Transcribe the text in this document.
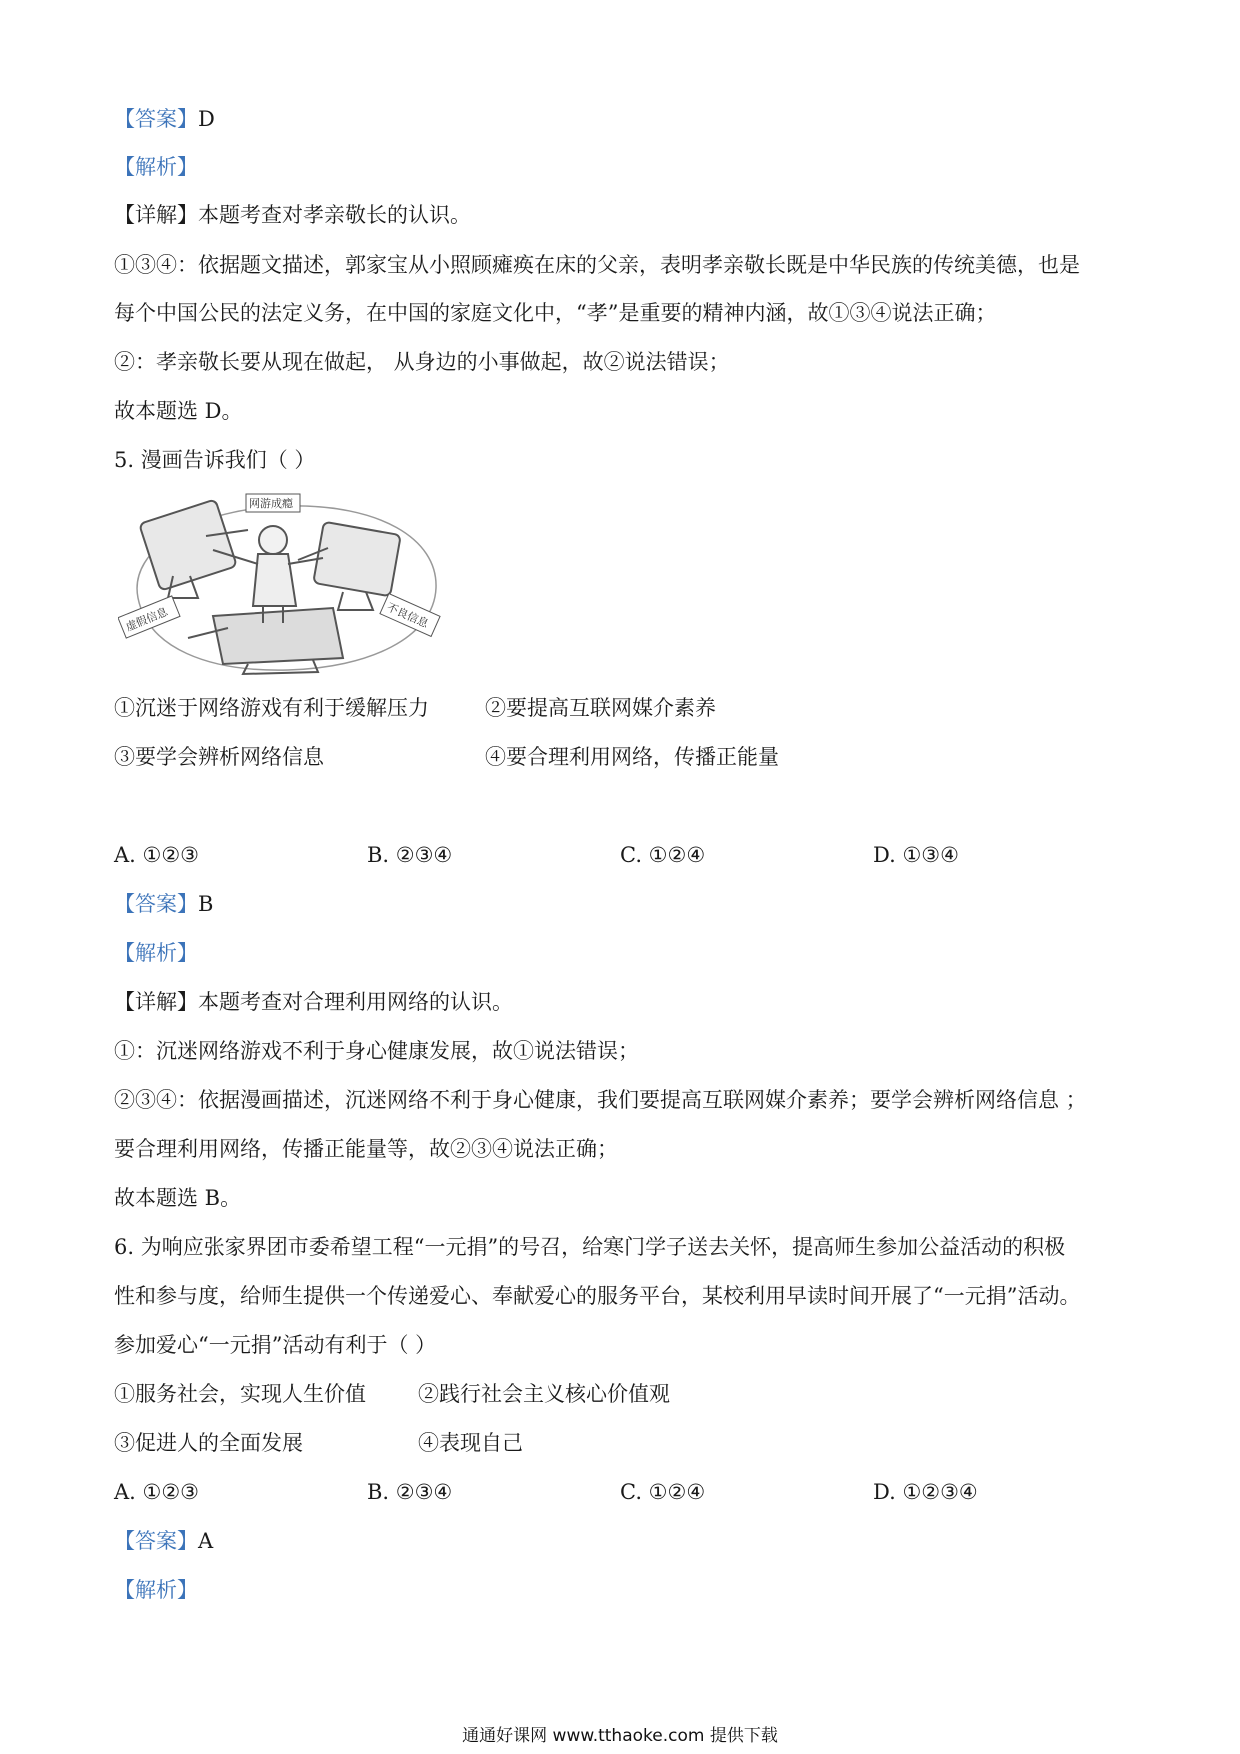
【答案】D
【解析】
【详解】本题考查对孝亲敬长的认识。
①③④：依据题文描述，郭家宝从小照顾瘫痪在床的父亲，表明孝亲敬长既是中华民族的传统美德，也是
每个中国公民的法定义务，在中国的家庭文化中，“孝”是重要的精神内涵，故①③④说法正确；
②：孝亲敬长要从现在做起， 从身边的小事做起，故②说法错误；
故本题选 D。
5. 漫画告诉我们（ ）
网游成瘾
虚假信息	不良信息
①沉迷于网络游戏有利于缓解压力	②要提高互联网媒介素养
③要学会辨析网络信息	④要合理利用网络，传播正能量
A. ①②③	B. ②③④	C. ①②④	D. ①③④
【答案】B
【解析】
【详解】本题考查对合理利用网络的认识。
①：沉迷网络游戏不利于身心健康发展，故①说法错误；
②③④：依据漫画描述，沉迷网络不利于身心健康，我们要提高互联网媒介素养；要学会辨析网络信息 ；
要合理利用网络，传播正能量等，故②③④说法正确；
故本题选 B。
6. 为响应张家界团市委希望工程“一元捐”的号召，给寒门学子送去关怀，提高师生参加公益活动的积极
性和参与度，给师生提供一个传递爱心、奉献爱心的服务平台，某校利用早读时间开展了“一元捐”活动。
参加爱心“一元捐”活动有利于（ ）
①服务社会，实现人生价值 ②践行社会主义核心价值观
③促进人的全面发展	④表现自己
A. ①②③	B. ②③④	C. ①②④	D. ①②③④
【答案】A
【解析】
通通好课网 www.tthaoke.com 提供下载
